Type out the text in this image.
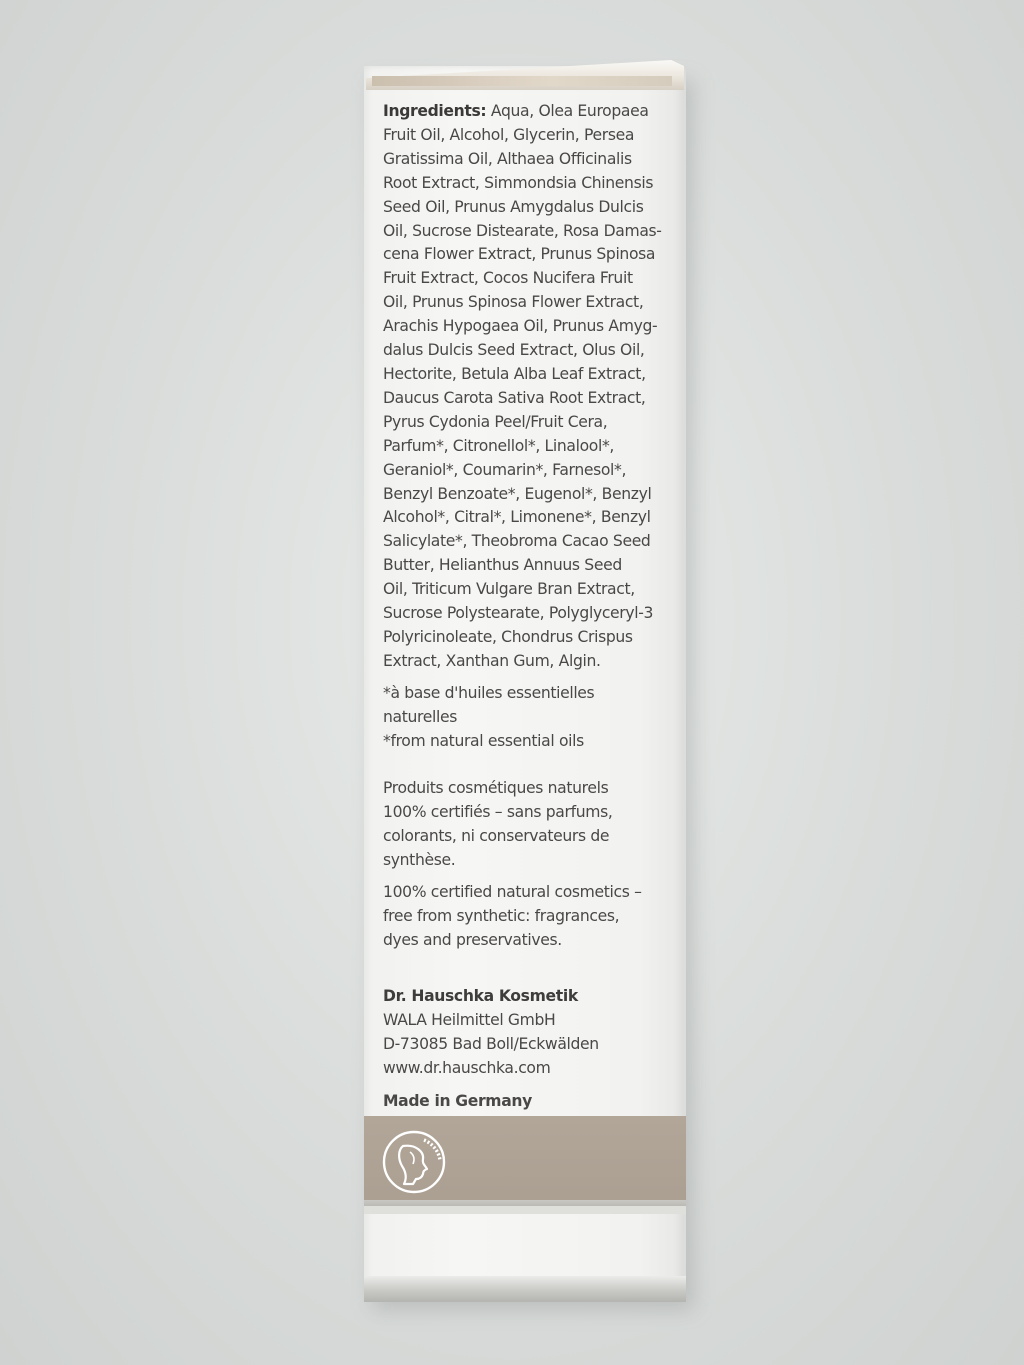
Ingredients: Aqua, Olea Europaea

Fruit Oil, Alcohol, Glycerin, Persea

Gratissima Oil, Althaea Officinalis

Root Extract, Simmondsia Chinensis

Seed Oil, Prunus Amygdalus Dulcis

Oil, Sucrose Distearate, Rosa Damas-

cena Flower Extract, Prunus Spinosa

Fruit Extract, Cocos Nucifera Fruit

Oil, Prunus Spinosa Flower Extract,

Arachis Hypogaea Oil, Prunus Amyg-

dalus Dulcis Seed Extract, Olus Oil,

Hectorite, Betula Alba Leaf Extract,

Daucus Carota Sativa Root Extract,

Pyrus Cydonia Peel/Fruit Cera,

Parfum*, Citronellol*, Linalool*,

Geraniol*, Coumarin*, Farnesol*,

Benzyl Benzoate*, Eugenol*, Benzyl

Alcohol*, Citral*, Limonene*, Benzyl

Salicylate*, Theobroma Cacao Seed

Butter, Helianthus Annuus Seed

Oil, Triticum Vulgare Bran Extract,

Sucrose Polystearate, Polyglyceryl-3

Polyricinoleate, Chondrus Crispus

Extract, Xanthan Gum, Algin.

*à base d'huiles essentielles

naturelles

*from natural essential oils

Produits cosmétiques naturels

100% certifiés – sans parfums,

colorants, ni conservateurs de

synthèse.

100% certified natural cosmetics –

free from synthetic: fragrances,

dyes and preservatives.

Dr. Hauschka Kosmetik

WALA Heilmittel GmbH

D-73085 Bad Boll/Eckwälden

www.dr.hauschka.com

Made in Germany
